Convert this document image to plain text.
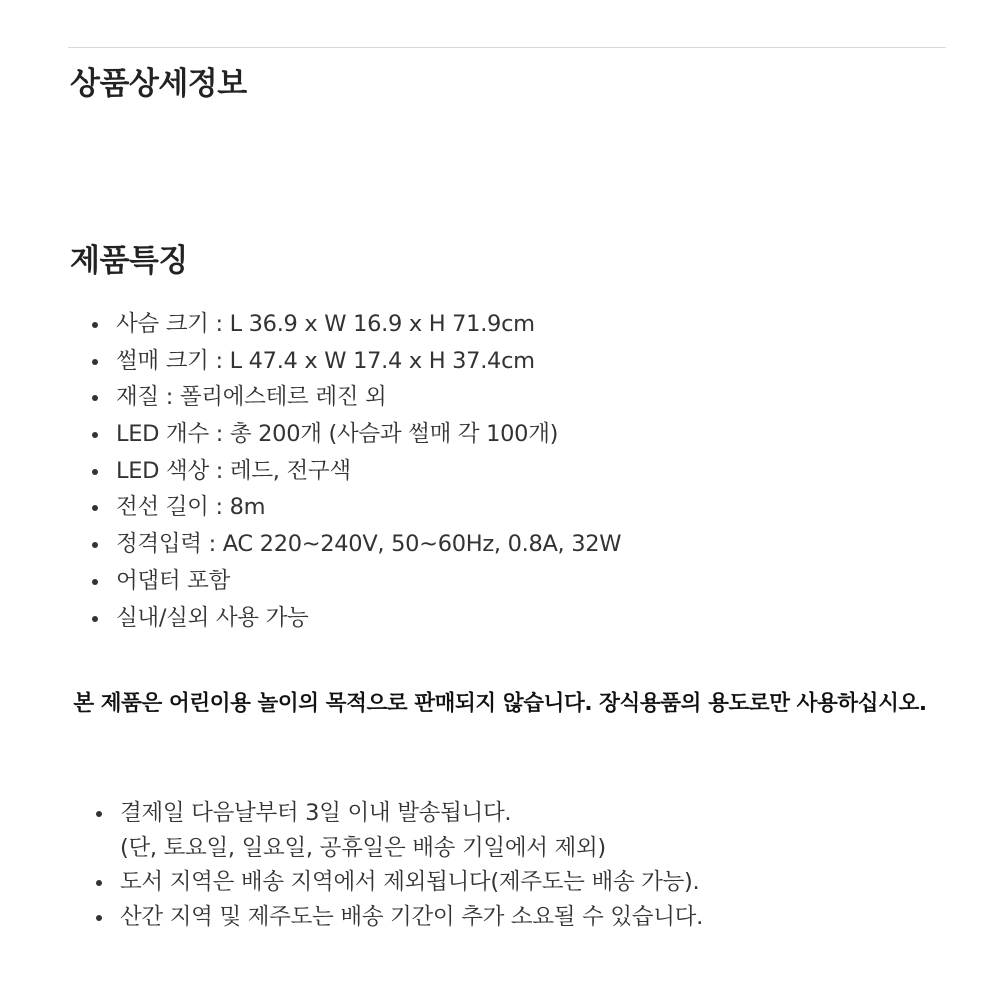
상품상세정보
제품특징
사슴 크기 : L 36.9 x W 16.9 x H 71.9cm
썰매 크기 : L 47.4 x W 17.4 x H 37.4cm
재질 : 폴리에스테르 레진 외
LED 개수 : 총 200개 (사슴과 썰매 각 100개)
LED 색상 : 레드, 전구색
전선 길이 : 8m
정격입력 : AC 220~240V, 50~60Hz, 0.8A, 32W
어댑터 포함
실내/실외 사용 가능

본 제품은 어린이용 놀이의 목적으로 판매되지 않습니다. 장식용품의 용도로만 사용하십시오.

결제일 다음날부터 3일 이내 발송됩니다.
(단, 토요일, 일요일, 공휴일은 배송 기일에서 제외)
도서 지역은 배송 지역에서 제외됩니다(제주도는 배송 가능).
산간 지역 및 제주도는 배송 기간이 추가 소요될 수 있습니다.
